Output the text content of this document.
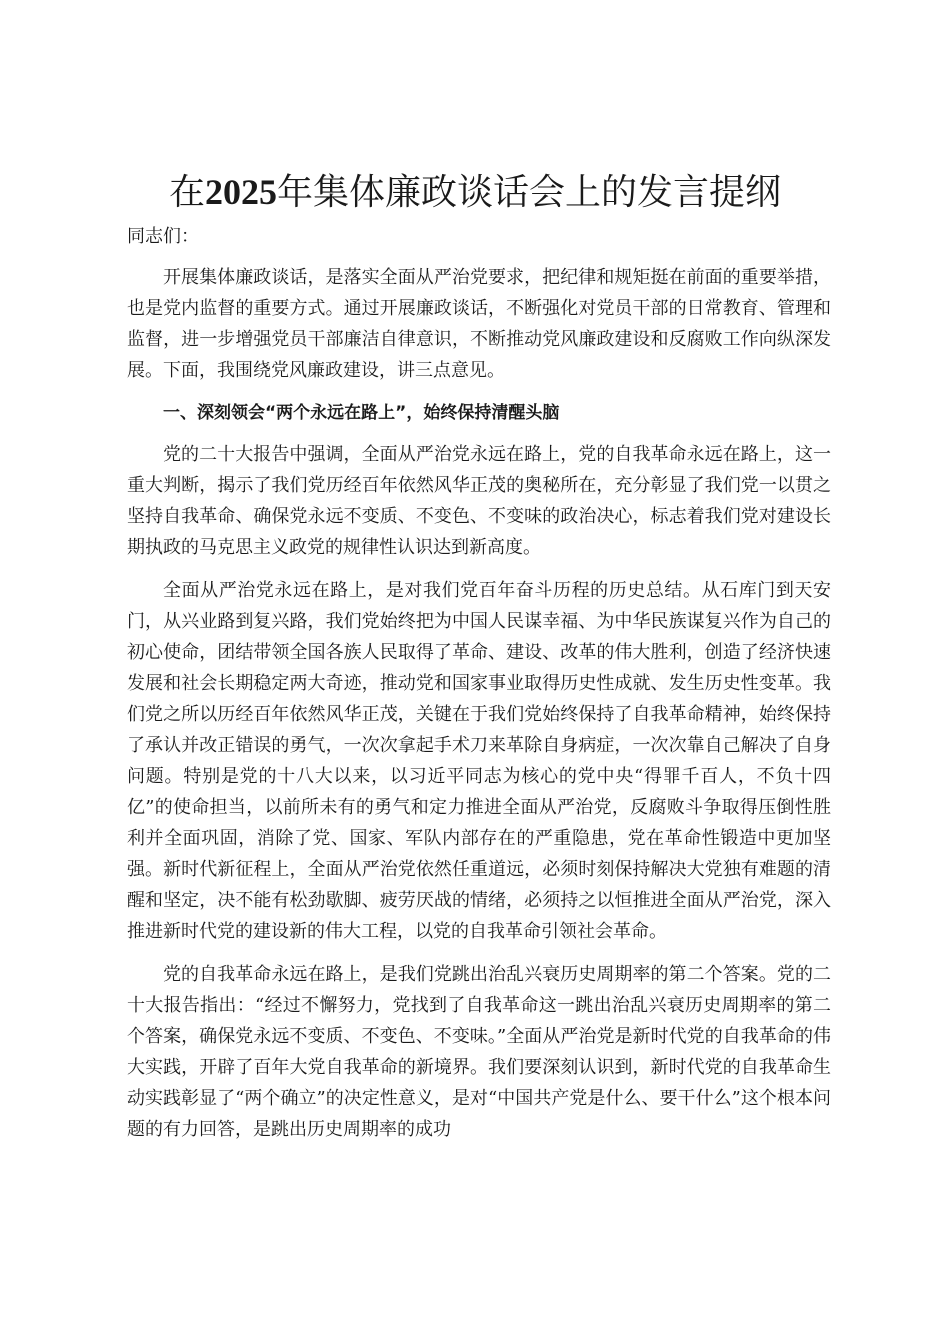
在2025年集体廉政谈话会上的发言提纲
同志们：

开展集体廉政谈话，是落实全面从严治党要求，把纪律和规矩挺在前面的重要举措，也是党内监督的重要方式。通过开展廉政谈话，不断强化对党员干部的日常教育、管理和监督，进一步增强党员干部廉洁自律意识，不断推动党风廉政建设和反腐败工作向纵深发展。下面，我围绕党风廉政建设，讲三点意见。

一、深刻领会“两个永远在路上”，始终保持清醒头脑

党的二十大报告中强调，全面从严治党永远在路上，党的自我革命永远在路上，这一重大判断，揭示了我们党历经百年依然风华正茂的奥秘所在，充分彰显了我们党一以贯之坚持自我革命、确保党永远不变质、不变色、不变味的政治决心，标志着我们党对建设长期执政的马克思主义政党的规律性认识达到新高度。

全面从严治党永远在路上，是对我们党百年奋斗历程的历史总结。从石库门到天安门，从兴业路到复兴路，我们党始终把为中国人民谋幸福、为中华民族谋复兴作为自己的初心使命，团结带领全国各族人民取得了革命、建设、改革的伟大胜利，创造了经济快速发展和社会长期稳定两大奇迹，推动党和国家事业取得历史性成就、发生历史性变革。我们党之所以历经百年依然风华正茂，关键在于我们党始终保持了自我革命精神，始终保持了承认并改正错误的勇气，一次次拿起手术刀来革除自身病症，一次次靠自己解决了自身问题。特别是党的十八大以来，以习近平同志为核心的党中央“得罪千百人，不负十四亿”的使命担当，以前所未有的勇气和定力推进全面从严治党，反腐败斗争取得压倒性胜利并全面巩固，消除了党、国家、军队内部存在的严重隐患，党在革命性锻造中更加坚强。新时代新征程上，全面从严治党依然任重道远，必须时刻保持解决大党独有难题的清醒和坚定，决不能有松劲歇脚、疲劳厌战的情绪，必须持之以恒推进全面从严治党，深入推进新时代党的建设新的伟大工程，以党的自我革命引领社会革命。

党的自我革命永远在路上，是我们党跳出治乱兴衰历史周期率的第二个答案。党的二十大报告指出：“经过不懈努力，党找到了自我革命这一跳出治乱兴衰历史周期率的第二个答案，确保党永远不变质、不变色、不变味。”全面从严治党是新时代党的自我革命的伟大实践，开辟了百年大党自我革命的新境界。我们要深刻认识到，新时代党的自我革命生动实践彰显了“两个确立”的决定性意义，是对“中国共产党是什么、要干什么”这个根本问题的有力回答，是跳出历史周期率的成功
